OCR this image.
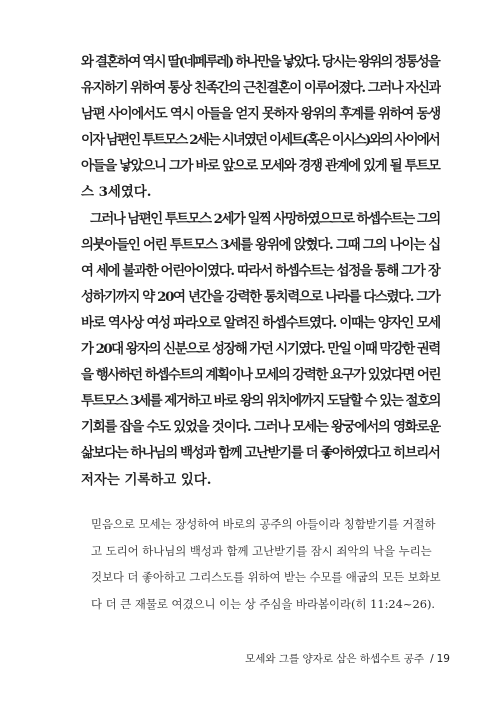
와 결혼하여 역시 딸(네페루레) 하나만을 낳았다. 당시는 왕위의 정통성을
유지하기 위하여 통상 친족간의 근친결혼이 이루어졌다. 그러나 자신과
남편 사이에서도 역시 아들을 얻지 못하자 왕위의 후계를 위하여 동생
이자 남편인 투트모스 2세는 시녀였던 이세트(혹은 이시스)와의 사이에서
아들을 낳았으니 그가 바로 앞으로 모세와 경쟁 관계에 있게 될 투트모
스 3세였다.
그러나 남편인 투트모스 2세가 일찍 사망하였으므로 하셉수트는 그의
의붓아들인 어린 투트모스 3세를 왕위에 앉혔다. 그때 그의 나이는 십
여 세에 불과한 어린아이였다. 따라서 하셉수트는 섭정을 통해 그가 장
성하기까지 약 20여 년간을 강력한 통치력으로 나라를 다스렸다. 그가
바로 역사상 여성 파라오로 알려진 하셉수트였다. 이때는 양자인 모세
가 20대 왕자의 신분으로 성장해 가던 시기였다. 만일 이때 막강한 권력
을 행사하던 하셉수트의 계획이나 모세의 강력한 요구가 있었다면 어린
투트모스 3세를 제거하고 바로 왕의 위치에까지 도달할 수 있는 절호의
기회를 잡을 수도 있었을 것이다. 그러나 모세는 왕궁에서의 영화로운
삶보다는 하나님의 백성과 함께 고난받기를 더 좋아하였다고 히브리서
저자는 기록하고 있다.
믿음으로 모세는 장성하여 바로의 공주의 아들이라 칭함받기를 거절하
고 도리어 하나님의 백성과 함께 고난받기를 잠시 죄악의 낙을 누리는
것보다 더 좋아하고 그리스도를 위하여 받는 수모를 애굽의 모든 보화보
다 더 큰 재물로 여겼으니 이는 상 주심을 바라봄이라(히 11:24~26).
모세와 그를 양자로 삼은 하셉수트 공주 / 19
